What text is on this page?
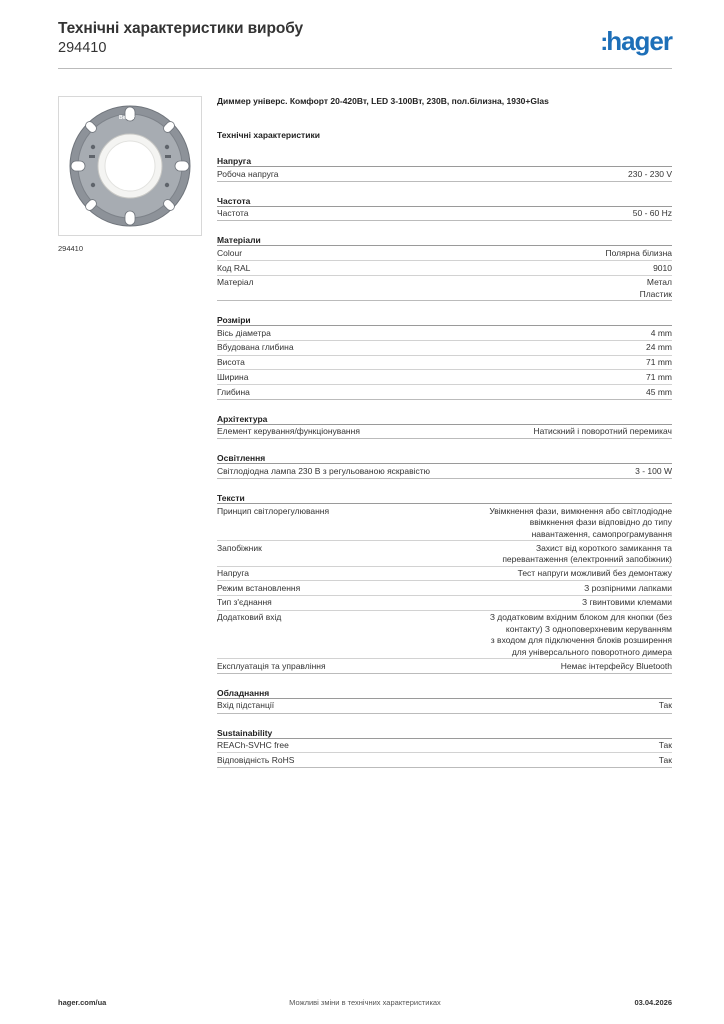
Технічні характеристики виробу
294410	:hager
Berker
294410
Диммер універс. Комфорт 20-420Вт, LED 3-100Вт, 230В, пол.білизна, 1930+Glas
Технічні характеристики
Напруга
Робоча напруга	230 - 230 V
Частота
Частота	50 - 60 Hz
Матеріали
Colour	Полярна білизна
Код RAL	9010
Матеріал	Метал
Пластик
Розміри
Вісь діаметра	4 mm
Вбудована глибина	24 mm
Висота	71 mm
Ширина	71 mm
Глибина	45 mm
Архітектура
Елемент керування/функціонування	Натискний і поворотний перемикач
Освітлення
Світлодіодна лампа 230 В з регульованою яскравістю	3 - 100 W
Тексти
Принцип світлорегулювання	Увімкнення фази, вимкнення або світлодіодне
ввімкнення фази відповідно до типу
навантаження, самопрограмування
Запобіжник	Захист від короткого замикання та
перевантаження (електронний запобіжник)
Напруга	Тест напруги можливий без демонтажу
Режим встановлення	З розпірними лапками
Тип з'єднання	З гвинтовими клемами
Додатковий вхід	З додатковим вхідним блоком для кнопки (без
контакту) З одноповерхневим керуванням
з входом для підключення блоків розширення
для універсального поворотного димера
Експлуатація та управління	Немає інтерфейсу Bluetooth
Обладнання
Вхід підстанції	Так
Sustainability
REACh-SVHC free	Так
Відповідність RoHS	Так
hager.com/ua	Можливі зміни в технічних характеристиках	03.04.2026
